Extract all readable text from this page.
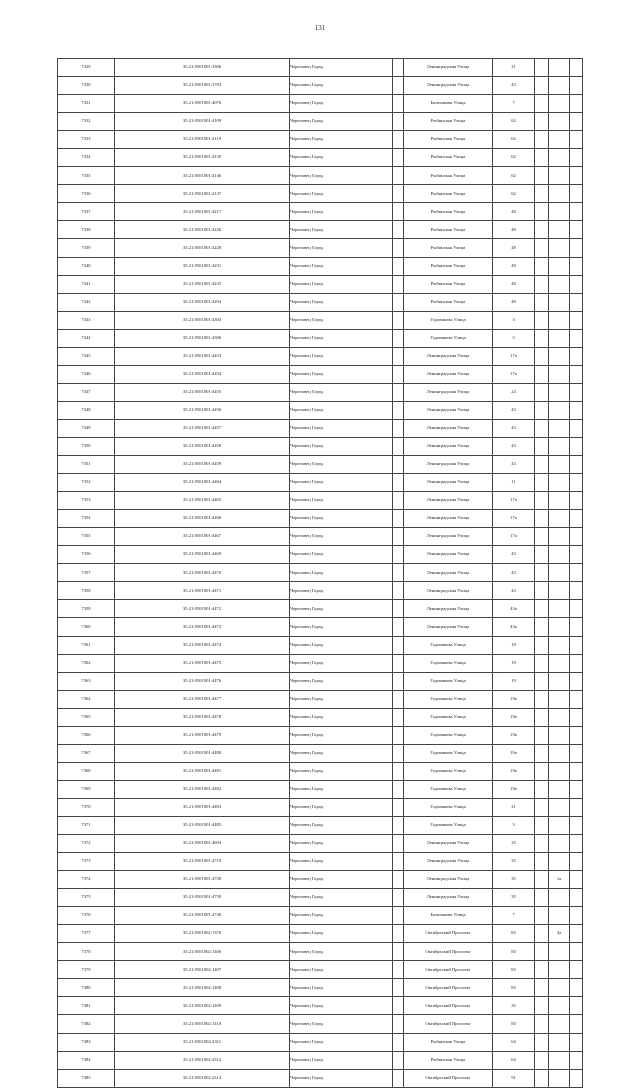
131
7329	35:21:0501001:3306	Череповец Город		Ленинградская Улица	21			
7330	35:21:0501001:3783	Череповец Город		Ленинградская Улица	43			
7331	35:21:0501001:4076	Череповец Город		Батюшкова Улица	7			
7332	35:21:0501001:4109	Череповец Город		Рыбинская Улица	62			
7333	35:21:0501001:4119	Череповец Город		Рыбинская Улица	62			
7334	35:21:0501001:4130	Череповец Город		Рыбинская Улица	62			
7335	35:21:0501001:4146	Череповец Город		Рыбинская Улица	62			
7336	35:21:0501001:4147	Череповец Город		Рыбинская Улица	62			
7337	35:21:0501001:4217	Череповец Город		Рыбинская Улица	48			
7338	35:21:0501001:4226	Череповец Город		Рыбинская Улица	48			
7339	35:21:0501001:4228	Череповец Город		Рыбинская Улица	48			
7340	35:21:0501001:4231	Череповец Город		Рыбинская Улица	48			
7341	35:21:0501001:4235	Череповец Город		Рыбинская Улица	48			
7342	35:21:0501001:4294	Череповец Город		Рыбинская Улица	48			
7343	35:21:0501001:4304	Череповец Город		Годовикова Улица	3			
7344	35:21:0501001:4306	Череповец Город		Годовикова Улица	3			
7345	35:21:0501001:4453	Череповец Город		Ленинградская Улица	17а			
7346	35:21:0501001:4454	Череповец Город		Ленинградская Улица	17а			
7347	35:21:0501001:4455	Череповец Город		Ленинградская Улица	24			
7348	35:21:0501001:4456	Череповец Город		Ленинградская Улица	43			
7349	35:21:0501001:4457	Череповец Город		Ленинградская Улица	43			
7350	35:21:0501001:4458	Череповец Город		Ленинградская Улица	43			
7351	35:21:0501001:4459	Череповец Город		Ленинградская Улица	43			
7352	35:21:0501001:4464	Череповец Город		Ленинградская Улица	11			
7353	35:21:0501001:4465	Череповец Город		Ленинградская Улица	17а			
7354	35:21:0501001:4466	Череповец Город		Ленинградская Улица	17а			
7355	35:21:0501001:4467	Череповец Город		Ленинградская Улица	17а			
7356	35:21:0501001:4469	Череповец Город		Ленинградская Улица	43			
7357	35:21:0501001:4470	Череповец Город		Ленинградская Улица	43			
7358	35:21:0501001:4471	Череповец Город		Ленинградская Улица	43			
7359	35:21:0501001:4472	Череповец Город		Ленинградская Улица	43а			
7360	35:21:0501001:4473	Череповец Город		Ленинградская Улица	43а			
7361	35:21:0501001:4474	Череповец Город		Годовикова Улица	19			
7362	35:21:0501001:4475	Череповец Город		Годовикова Улица	19			
7363	35:21:0501001:4476	Череповец Город		Годовикова Улица	19			
7364	35:21:0501001:4477	Череповец Город		Годовикова Улица	19а			
7365	35:21:0501001:4478	Череповец Город		Годовикова Улица	19а			
7366	35:21:0501001:4479	Череповец Город		Годовикова Улица	19а			
7367	35:21:0501001:4480	Череповец Город		Годовикова Улица	19а			
7368	35:21:0501001:4481	Череповец Город		Годовикова Улица	19а			
7369	35:21:0501001:4482	Череповец Город		Годовикова Улица	19а			
7370	35:21:0501001:4483	Череповец Город		Годовикова Улица	21			
7371	35:21:0501001:4485	Череповец Город		Годовикова Улица	3			
7372	35:21:0501001:4694	Череповец Город		Ленинградская Улица	25			
7373	35:21:0501001:4718	Череповец Город		Ленинградская Улица	25			
7374	35:21:0501001:4738	Череповец Город		Ленинградская Улица	35		1а	
7375	35:21:0501001:4739	Череповец Город		Ленинградская Улица	35			
7376	35:21:0501001:4740	Череповец Город		Батюшкова Улица	7			
7377	35:21:0501002:1376	Череповец Город		Октябрьский Проспект	83		3а	
7378	35:21:0501002:1406	Череповец Город		Октябрьский Проспект	83			
7379	35:21:0501002:1407	Череповец Город		Октябрьский Проспект	83			
7380	35:21:0501002:1408	Череповец Город		Октябрьский Проспект	83			
7381	35:21:0501002:1409	Череповец Город		Октябрьский Проспект	35			
7382	35:21:0501002:1410	Череповец Город		Октябрьский Проспект	83			
7383	35:21:0501002:2311	Череповец Город		Рыбинская Улица	64			
7384	35:21:0501002:2312	Череповец Город		Рыбинская Улица	64			
7385	35:21:0501002:2314	Череповец Город		Октябрьский Проспект	91			
